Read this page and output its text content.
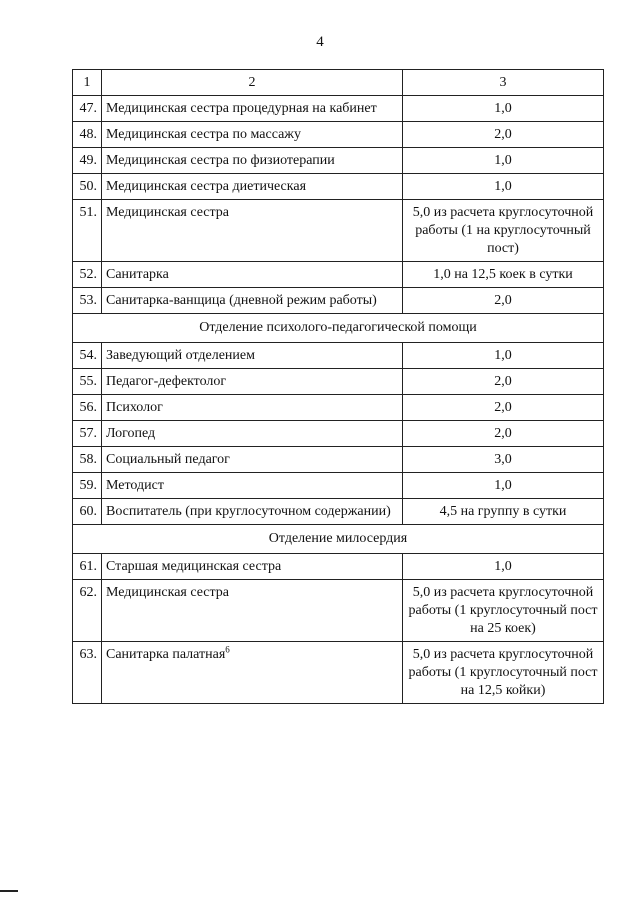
4
1	2	3
47.	Медицинская сестра процедурная на кабинет	1,0
48.	Медицинская сестра по массажу	2,0
49.	Медицинская сестра по физиотерапии	1,0
50.	Медицинская сестра диетическая	1,0
51.	Медицинская сестра	5,0 из расчета круглосуточной работы (1 на круглосуточный пост)
52.	Санитарка	1,0 на 12,5 коек в сутки
53.	Санитарка-ванщица (дневной режим работы)	2,0
Отделение психолого-педагогической помощи		
54.	Заведующий отделением	1,0
55.	Педагог-дефектолог	2,0
56.	Психолог	2,0
57.	Логопед	2,0
58.	Социальный педагог	3,0
59.	Методист	1,0
60.	Воспитатель (при круглосуточном содержании)	4,5 на группу в сутки
Отделение милосердия		
61.	Старшая медицинская сестра	1,0
62.	Медицинская сестра	5,0 из расчета круглосуточной работы (1 круглосуточный пост на 25 коек)
63.	Санитарка палатная$^6$	5,0 из расчета круглосуточной работы (1 круглосуточный пост на 12,5 койки)
